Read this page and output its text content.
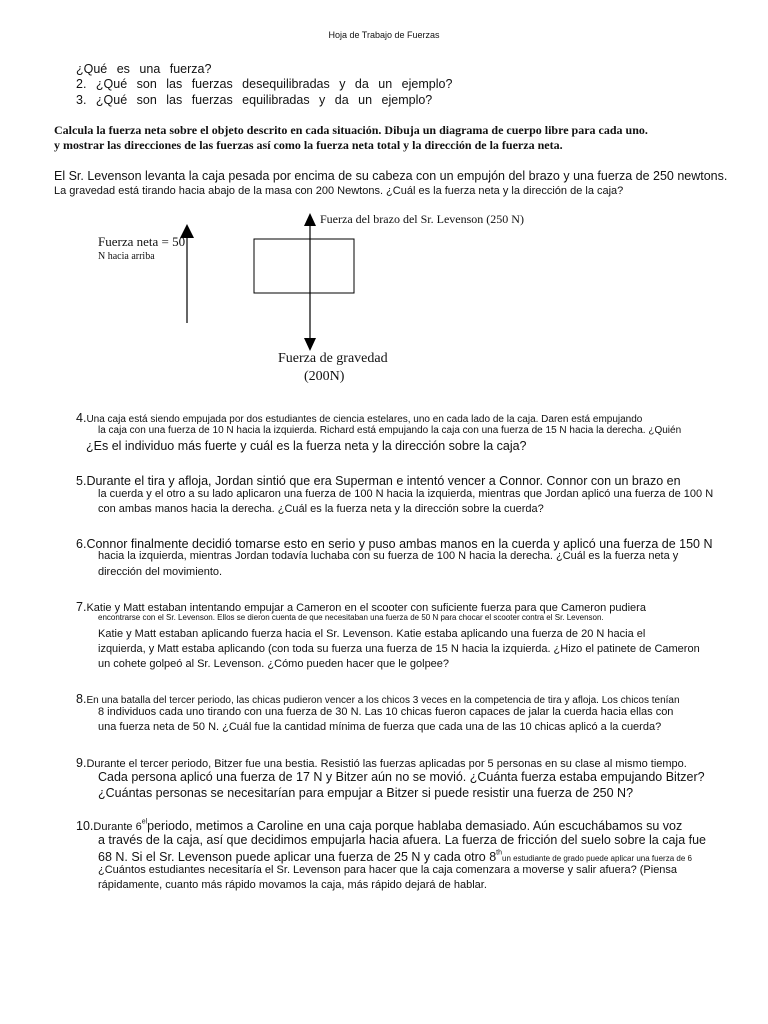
Hoja de Trabajo de Fuerzas
¿Qué es una fuerza?
2. ¿Qué son las fuerzas desequilibradas y da un ejemplo?
3. ¿Qué son las fuerzas equilibradas y da un ejemplo?
Calcula la fuerza neta sobre el objeto descrito en cada situación. Dibuja un diagrama de cuerpo libre para cada uno.
y mostrar las direcciones de las fuerzas así como la fuerza neta total y la dirección de la fuerza neta.
El Sr. Levenson levanta la caja pesada por encima de su cabeza con un empujón del brazo y una fuerza de 250 newtons.
La gravedad está tirando hacia abajo de la masa con 200 Newtons. ¿Cuál es la fuerza neta y la dirección de la caja?
Fuerza del brazo del Sr. Levenson (250 N)
Fuerza neta = 50
N hacia arriba
Fuerza de gravedad
(200N)
4.Una caja está siendo empujada por dos estudiantes de ciencia estelares, uno en cada lado de la caja. Daren está empujando
la caja con una fuerza de 10 N hacia la izquierda. Richard está empujando la caja con una fuerza de 15 N hacia la derecha. ¿Quién
¿Es el individuo más fuerte y cuál es la fuerza neta y la dirección sobre la caja?
5.Durante el tira y afloja, Jordan sintió que era Superman e intentó vencer a Connor. Connor con un brazo en
la cuerda y el otro a su lado aplicaron una fuerza de 100 N hacia la izquierda, mientras que Jordan aplicó una fuerza de 100 N
con ambas manos hacia la derecha. ¿Cuál es la fuerza neta y la dirección sobre la cuerda?
6.Connor finalmente decidió tomarse esto en serio y puso ambas manos en la cuerda y aplicó una fuerza de 150 N
hacia la izquierda, mientras Jordan todavía luchaba con su fuerza de 100 N hacia la derecha. ¿Cuál es la fuerza neta y
dirección del movimiento.
7.Katie y Matt estaban intentando empujar a Cameron en el scooter con suficiente fuerza para que Cameron pudiera
encontrarse con el Sr. Levenson. Ellos se dieron cuenta de que necesitaban una fuerza de 50 N para chocar el scooter contra el Sr. Levenson.
Katie y Matt estaban aplicando fuerza hacia el Sr. Levenson. Katie estaba aplicando una fuerza de 20 N hacia el
izquierda, y Matt estaba aplicando (con toda su fuerza una fuerza de 15 N hacia la izquierda. ¿Hizo el patinete de Cameron
un cohete golpeó al Sr. Levenson. ¿Cómo pueden hacer que le golpee?
8.En una batalla del tercer periodo, las chicas pudieron vencer a los chicos 3 veces en la competencia de tira y afloja. Los chicos tenían
8 individuos cada uno tirando con una fuerza de 30 N. Las 10 chicas fueron capaces de jalar la cuerda hacia ellas con
una fuerza neta de 50 N. ¿Cuál fue la cantidad mínima de fuerza que cada una de las 10 chicas aplicó a la cuerda?
9.Durante el tercer periodo, Bitzer fue una bestia. Resistió las fuerzas aplicadas por 5 personas en su clase al mismo tiempo.
Cada persona aplicó una fuerza de 17 N y Bitzer aún no se movió. ¿Cuánta fuerza estaba empujando Bitzer?
¿Cuántas personas se necesitarían para empujar a Bitzer si puede resistir una fuerza de 250 N?
10.Durante $6^{el}periodo$, metimos a Caroline en una caja porque hablaba demasiado. Aún escuchábamos su voz
a través de la caja, así que decidimos empujarla hacia afuera. La fuerza de fricción del suelo sobre la caja fue
68 N. Si el Sr. Levenson puede aplicar una fuerza de 25 N y cada otro 8thun estudiante de grado puede aplicar una fuerza de 6
¿Cuántos estudiantes necesitaría el Sr. Levenson para hacer que la caja comenzara a moverse y salir afuera? (Piensa
rápidamente, cuanto más rápido movamos la caja, más rápido dejará de hablar.
